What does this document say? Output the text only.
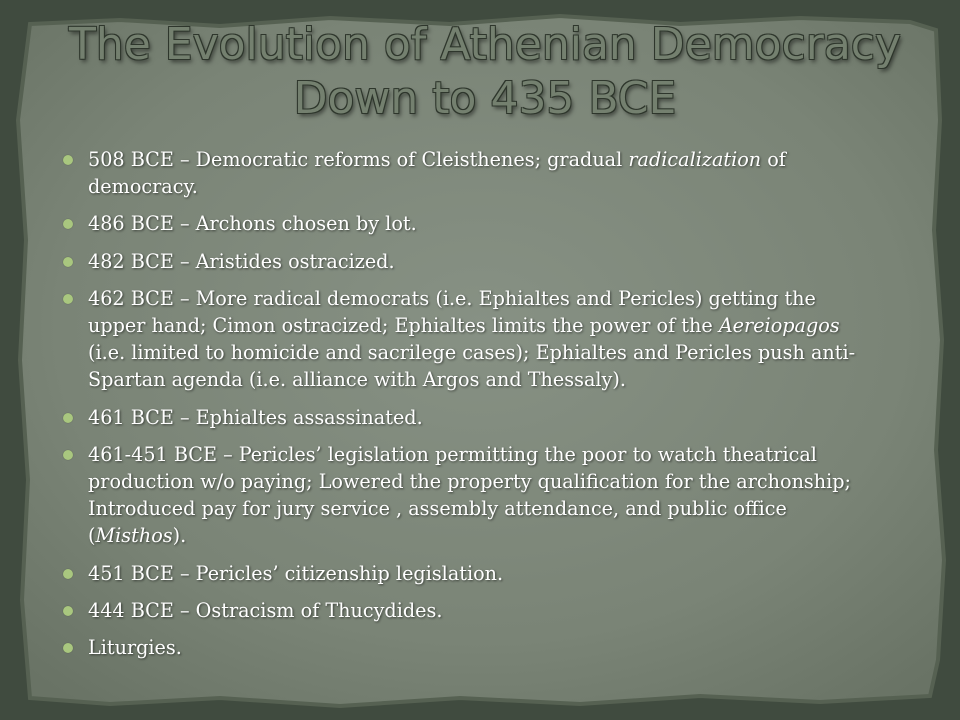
The Evolution of Athenian Democracy
Down to 435 BCE
508 BCE – Democratic reforms of Cleisthenes; gradual radicalization of democracy.
486 BCE – Archons chosen by lot.
482 BCE – Aristides ostracized.
462 BCE – More radical democrats (i.e. Ephialtes and Pericles) getting the upper hand; Cimon ostracized; Ephialtes limits the power of the Aereiopagos (i.e. limited to homicide and sacrilege cases); Ephialtes and Pericles push anti-Spartan agenda (i.e. alliance with Argos and Thessaly).
461 BCE – Ephialtes assassinated.
461-451 BCE – Pericles’ legislation permitting the poor to watch theatrical production w/o paying; Lowered the property qualification for the archonship; Introduced pay for jury service , assembly attendance, and public office (Misthos).
451 BCE – Pericles’ citizenship legislation.
444 BCE – Ostracism of Thucydides.
Liturgies.
